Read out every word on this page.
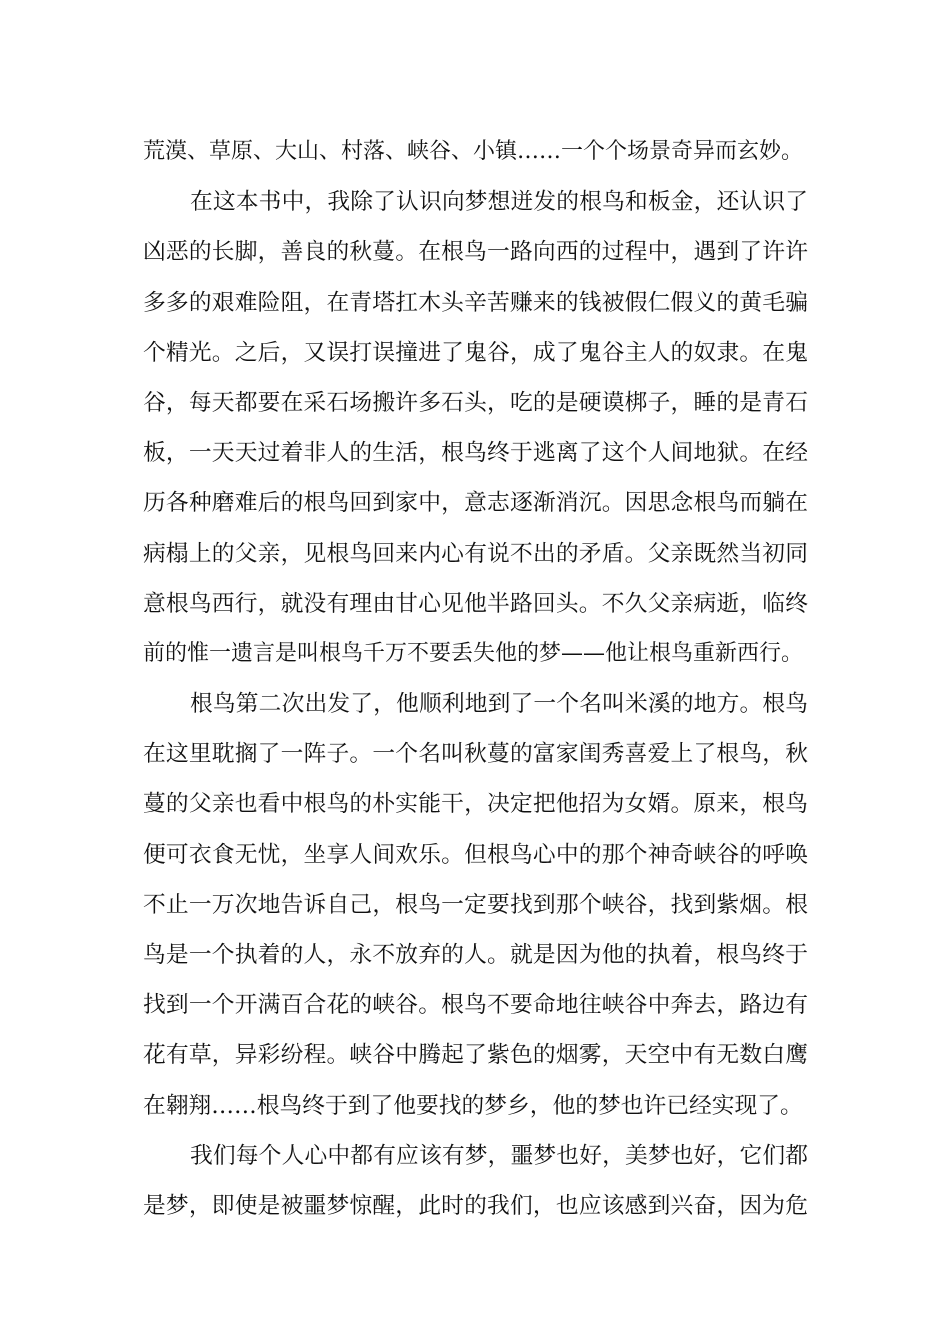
荒漠、草原、大山、村落、峡谷、小镇……一个个场景奇异而玄妙。
在这本书中，我除了认识向梦想迸发的根鸟和板金，还认识了
凶恶的长脚，善良的秋蔓。在根鸟一路向西的过程中，遇到了许许
多多的艰难险阻，在青塔扛木头辛苦赚来的钱被假仁假义的黄毛骗
个精光。之后，又误打误撞进了鬼谷，成了鬼谷主人的奴隶。在鬼
谷，每天都要在采石场搬许多石头，吃的是硬谟梆子，睡的是青石
板，一天天过着非人的生活，根鸟终于逃离了这个人间地狱。在经
历各种磨难后的根鸟回到家中，意志逐渐消沉。因思念根鸟而躺在
病榻上的父亲，见根鸟回来内心有说不出的矛盾。父亲既然当初同
意根鸟西行，就没有理由甘心见他半路回头。不久父亲病逝，临终
前的惟一遗言是叫根鸟千万不要丢失他的梦——他让根鸟重新西行。
根鸟第二次出发了，他顺利地到了一个名叫米溪的地方。根鸟
在这里耽搁了一阵子。一个名叫秋蔓的富家闺秀喜爱上了根鸟，秋
蔓的父亲也看中根鸟的朴实能干，决定把他招为女婿。原来，根鸟
便可衣食无忧，坐享人间欢乐。但根鸟心中的那个神奇峡谷的呼唤
不止一万次地告诉自己，根鸟一定要找到那个峡谷，找到紫烟。根
鸟是一个执着的人，永不放弃的人。就是因为他的执着，根鸟终于
找到一个开满百合花的峡谷。根鸟不要命地往峡谷中奔去，路边有
花有草，异彩纷程。峡谷中腾起了紫色的烟雾，天空中有无数白鹰
在翱翔……根鸟终于到了他要找的梦乡，他的梦也许已经实现了。
我们每个人心中都有应该有梦，噩梦也好，美梦也好，它们都
是梦，即使是被噩梦惊醒，此时的我们，也应该感到兴奋，因为危
